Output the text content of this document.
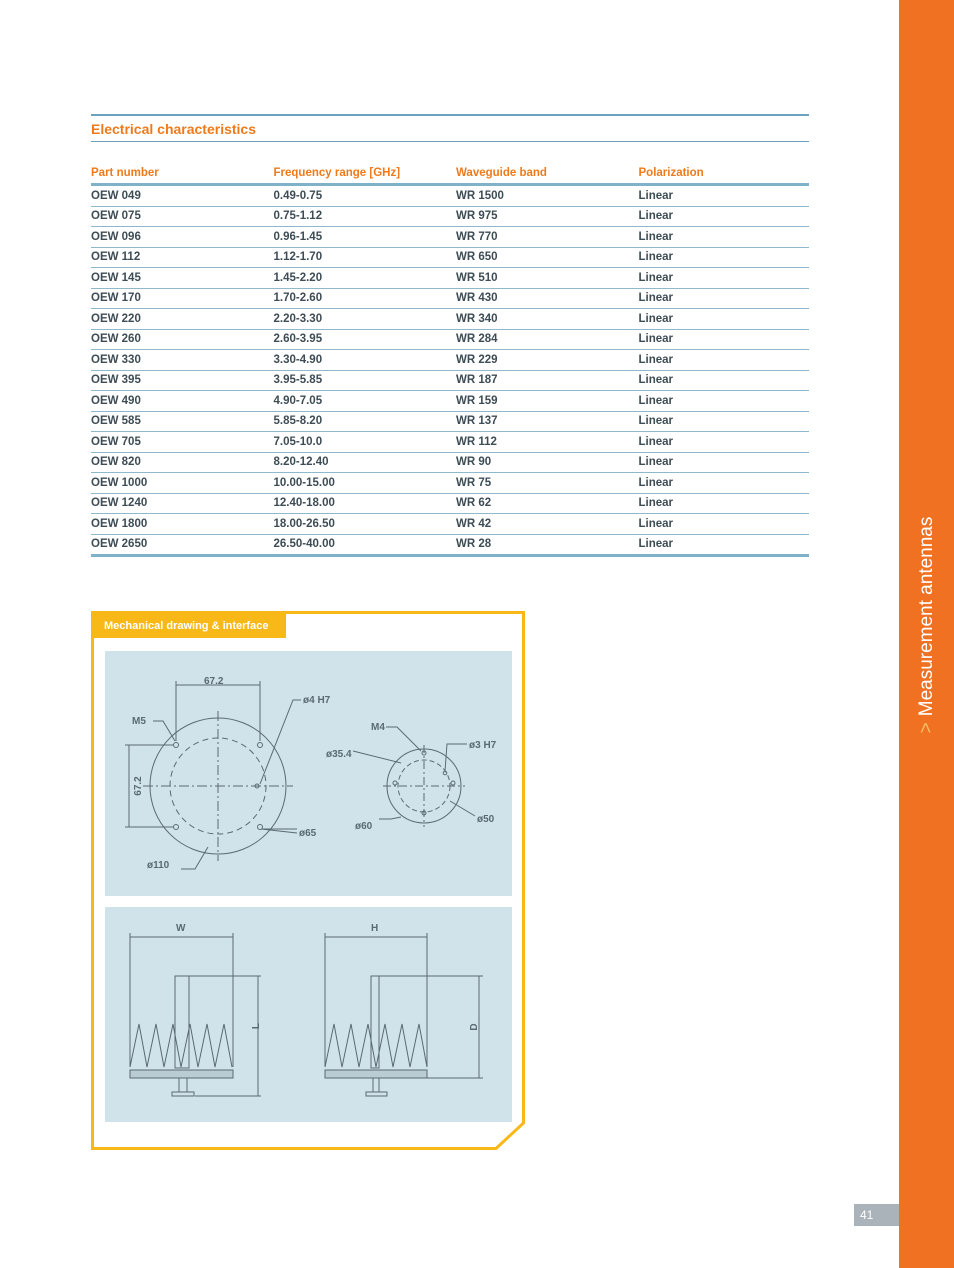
>Measurement antennas
41
Electrical characteristics
Part number	Frequency range [GHz]	Waveguide band	Polarization
OEW 049	0.49-0.75	WR 1500	Linear
OEW 075	0.75-1.12	WR 975	Linear
OEW 096	0.96-1.45	WR 770	Linear
OEW 112	1.12-1.70	WR 650	Linear
OEW 145	1.45-2.20	WR 510	Linear
OEW 170	1.70-2.60	WR 430	Linear
OEW 220	2.20-3.30	WR 340	Linear
OEW 260	2.60-3.95	WR 284	Linear
OEW 330	3.30-4.90	WR 229	Linear
OEW 395	3.95-5.85	WR 187	Linear
OEW 490	4.90-7.05	WR 159	Linear
OEW 585	5.85-8.20	WR 137	Linear
OEW 705	7.05-10.0	WR 112	Linear
OEW 820	8.20-12.40	WR 90	Linear
OEW 1000	10.00-15.00	WR 75	Linear
OEW 1240	12.40-18.00	WR 62	Linear
OEW 1800	18.00-26.50	WR 42	Linear
OEW 2650	26.50-40.00	WR 28	Linear
Mechanical drawing & interface
67.2
M5
ø4 H7
ø65
ø110
67.2
M4
ø3 H7
ø35.4
ø60
ø50
W	H
L	D
